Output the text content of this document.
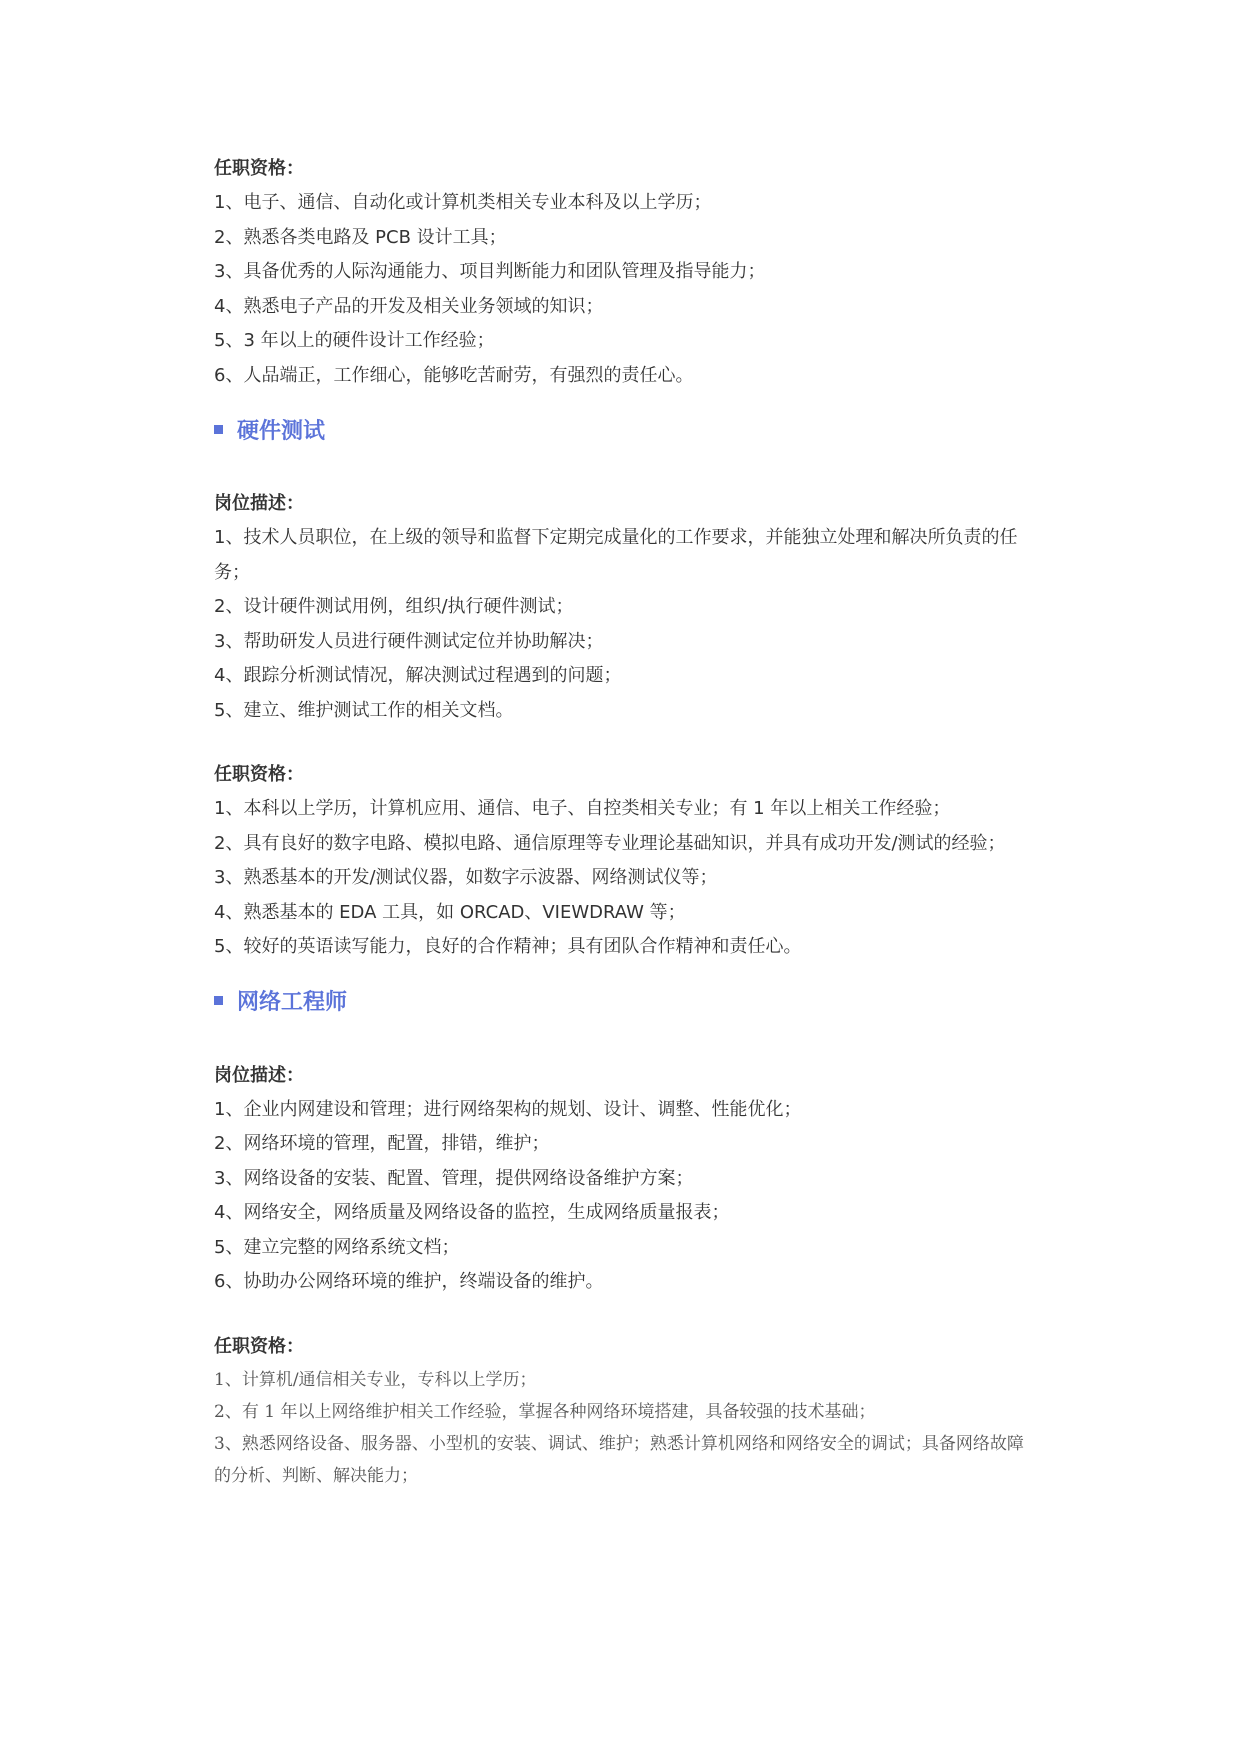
任职资格：
1、电子、通信、自动化或计算机类相关专业本科及以上学历；
2、熟悉各类电路及 PCB 设计工具；
3、具备优秀的人际沟通能力、项目判断能力和团队管理及指导能力；
4、熟悉电子产品的开发及相关业务领域的知识；
5、3 年以上的硬件设计工作经验；
6、人品端正，工作细心，能够吃苦耐劳，有强烈的责任心。
硬件测试
岗位描述：
1、技术人员职位，在上级的领导和监督下定期完成量化的工作要求，并能独立处理和解决所负责的任务；
2、设计硬件测试用例，组织/执行硬件测试；
3、帮助研发人员进行硬件测试定位并协助解决；
4、跟踪分析测试情况，解决测试过程遇到的问题；
5、建立、维护测试工作的相关文档。
任职资格：
1、本科以上学历，计算机应用、通信、电子、自控类相关专业；有 1 年以上相关工作经验；
2、具有良好的数字电路、模拟电路、通信原理等专业理论基础知识，并具有成功开发/测试的经验；
3、熟悉基本的开发/测试仪器，如数字示波器、网络测试仪等；
4、熟悉基本的 EDA 工具，如 ORCAD、VIEWDRAW 等；
5、较好的英语读写能力，良好的合作精神；具有团队合作精神和责任心。
网络工程师
岗位描述：
1、企业内网建设和管理；进行网络架构的规划、设计、调整、性能优化；
2、网络环境的管理，配置，排错，维护；
3、网络设备的安装、配置、管理，提供网络设备维护方案；
4、网络安全，网络质量及网络设备的监控，生成网络质量报表；
5、建立完整的网络系统文档；
6、协助办公网络环境的维护，终端设备的维护。
任职资格：
1、计算机/通信相关专业，专科以上学历；
2、有 1 年以上网络维护相关工作经验，掌握各种网络环境搭建，具备较强的技术基础；
3、熟悉网络设备、服务器、小型机的安装、调试、维护；熟悉计算机网络和网络安全的调试；具备网络故障的分析、判断、解决能力；
